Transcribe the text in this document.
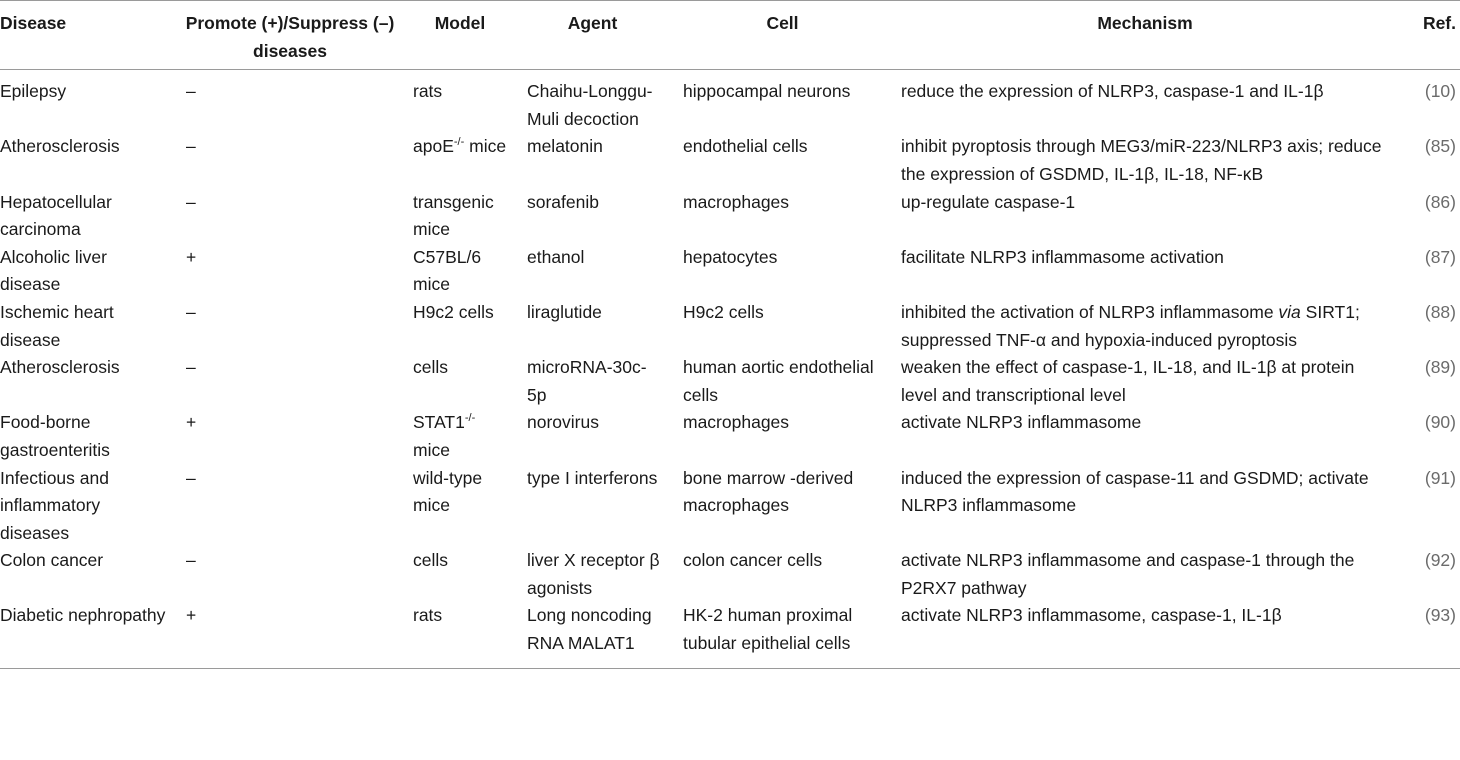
Disease	Promote (+)/Suppress (–) diseases	Model	Agent	Cell	Mechanism	Ref.
Epilepsy	–	rats	Chaihu-Longgu-Muli decoction	hippocampal neurons	reduce the expression of NLRP3, caspase-1 and IL-1β	(10)
Atherosclerosis	–	apoE-/- mice	melatonin	endothelial cells	inhibit pyroptosis through MEG3/miR-223/NLRP3 axis; reduce the expression of GSDMD, IL-1β, IL-18, NF-κB	(85)
Hepatocellular carcinoma	–	transgenic mice	sorafenib	macrophages	up-regulate caspase-1	(86)
Alcoholic liver disease	+	C57BL/6 mice	ethanol	hepatocytes	facilitate NLRP3 inflammasome activation	(87)
Ischemic heart disease	–	H9c2 cells	liraglutide	H9c2 cells	inhibited the activation of NLRP3 inflammasome via SIRT1; suppressed TNF-α and hypoxia-induced pyroptosis	(88)
Atherosclerosis	–	cells	microRNA-30c-5p	human aortic endothelial cells	weaken the effect of caspase-1, IL-18, and IL-1β at protein level and transcriptional level	(89)
Food-borne gastroenteritis	+	STAT1-/- mice	norovirus	macrophages	activate NLRP3 inflammasome	(90)
Infectious and inflammatory diseases	–	wild-type mice	type I interferons	bone marrow -derived macrophages	induced the expression of caspase-11 and GSDMD; activate NLRP3 inflammasome	(91)
Colon cancer	–	cells	liver X receptor β agonists	colon cancer cells	activate NLRP3 inflammasome and caspase-1 through the P2RX7 pathway	(92)
Diabetic nephropathy	+	rats	Long noncoding RNA MALAT1	HK-2 human proximal tubular epithelial cells	activate NLRP3 inflammasome, caspase-1, IL-1β	(93)
